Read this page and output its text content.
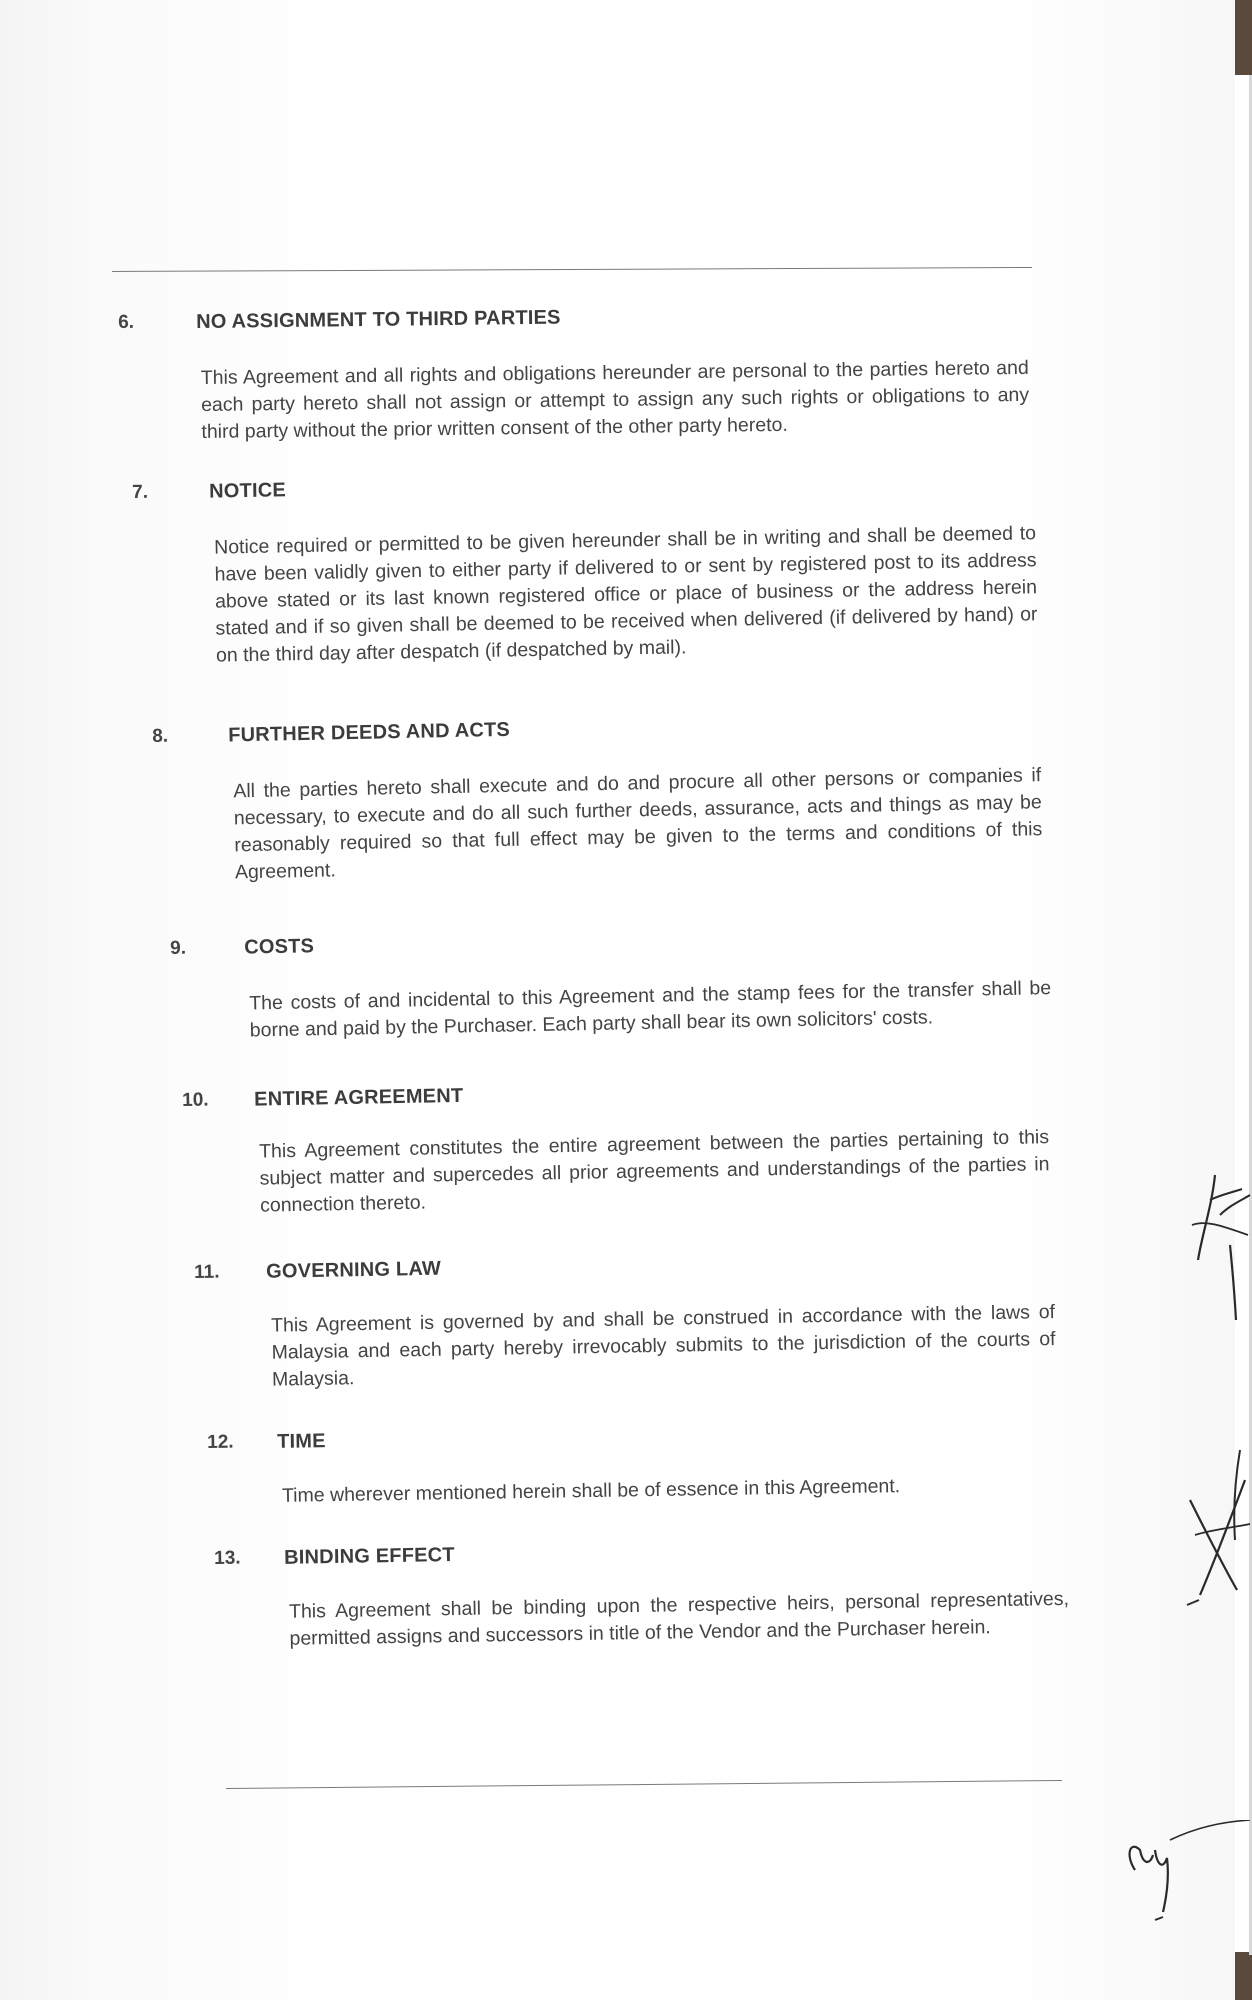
6.	NO ASSIGNMENT TO THIRD PARTIES
This Agreement and all rights and obligations hereunder are personal to the parties hereto and each party hereto shall not assign or attempt to assign any such rights or obligations to any third party without the prior written consent of the other party hereto.
7.	NOTICE
Notice required or permitted to be given hereunder shall be in writing and shall be deemed to have been validly given to either party if delivered to or sent by registered post to its address above stated or its last known registered office or place of business or the address herein stated and if so given shall be deemed to be received when delivered (if delivered by hand) or on the third day after despatch (if despatched by mail).
8.	FURTHER DEEDS AND ACTS
All the parties hereto shall execute and do and procure all other persons or companies if necessary, to execute and do all such further deeds, assurance, acts and things as may be reasonably required so that full effect may be given to the terms and conditions of this Agreement.
9.	COSTS
The costs of and incidental to this Agreement and the stamp fees for the transfer shall be borne and paid by the Purchaser. Each party shall bear its own solicitors' costs.
10. ENTIRE AGREEMENT
This Agreement constitutes the entire agreement between the parties pertaining to this subject matter and supercedes all prior agreements and understandings of the parties in connection thereto.
11. GOVERNING LAW
This Agreement is governed by and shall be construed in accordance with the laws of Malaysia and each party hereby irrevocably submits to the jurisdiction of the courts of Malaysia.
12. TIME
Time wherever mentioned herein shall be of essence in this Agreement.
13. BINDING EFFECT
This Agreement shall be binding upon the respective heirs, personal representatives, permitted assigns and successors in title of the Vendor and the Purchaser herein.
